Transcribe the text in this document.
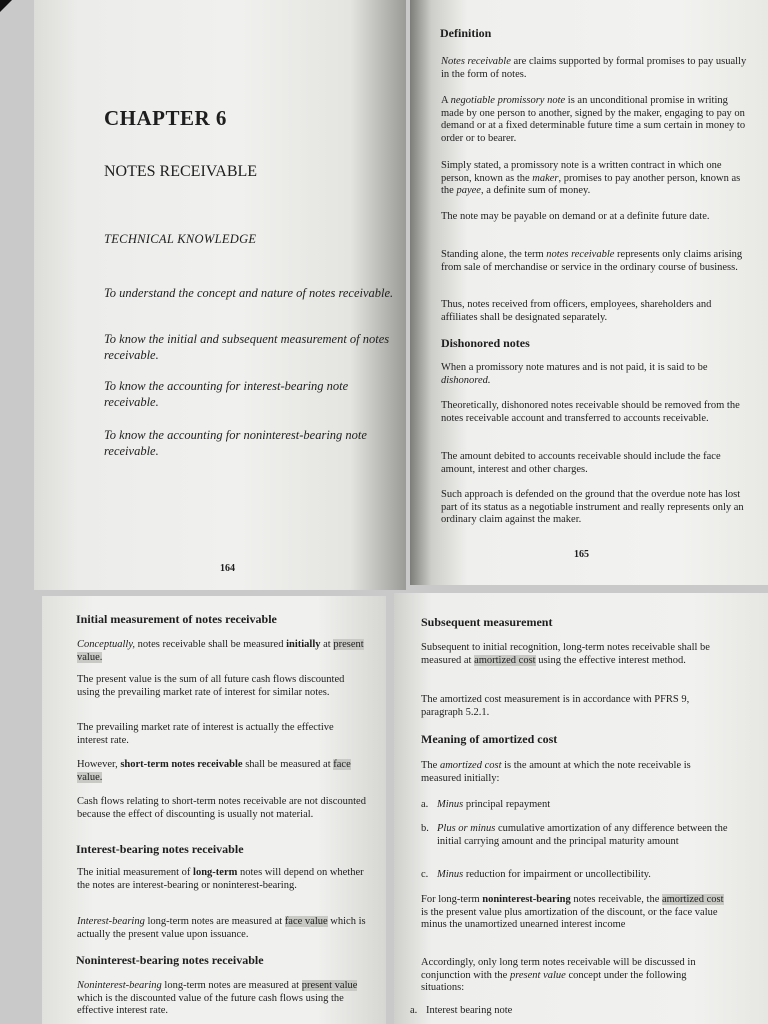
CHAPTER 6

NOTES RECEIVABLE

TECHNICAL KNOWLEDGE

To understand the concept and nature of notes receivable.

To know the initial and subsequent measurement of notes receivable.

To know the accounting for interest-bearing note receivable.

To know the accounting for noninterest-bearing note receivable.

164

Definition

Notes receivable are claims supported by formal promises to pay usually in the form of notes.

A negotiable promissory note is an unconditional promise in writing made by one person to another, signed by the maker, engaging to pay on demand or at a fixed determinable future time a sum certain in money to order or to bearer.

Simply stated, a promissory note is a written contract in which one person, known as the maker, promises to pay another person, known as the payee, a definite sum of money.

The note may be payable on demand or at a definite future date.

Standing alone, the term notes receivable represents only claims arising from sale of merchandise or service in the ordinary course of business.

Thus, notes received from officers, employees, shareholders and affiliates shall be designated separately.

Dishonored notes

When a promissory note matures and is not paid, it is said to be dishonored.

Theoretically, dishonored notes receivable should be removed from the notes receivable account and transferred to accounts receivable.

The amount debited to accounts receivable should include the face amount, interest and other charges.

Such approach is defended on the ground that the overdue note has lost part of its status as a negotiable instrument and really represents only an ordinary claim against the maker.

165

Initial measurement of notes receivable

Conceptually, notes receivable shall be measured initially at present value.

The present value is the sum of all future cash flows discounted using the prevailing market rate of interest for similar notes.

The prevailing market rate of interest is actually the effective interest rate.

However, short-term notes receivable shall be measured at face value.

Cash flows relating to short-term notes receivable are not discounted because the effect of discounting is usually not material.

Interest-bearing notes receivable

The initial measurement of long-term notes will depend on whether the notes are interest-bearing or noninterest-bearing.

Interest-bearing long-term notes are measured at face value which is actually the present value upon issuance.

Noninterest-bearing notes receivable

Noninterest-bearing long-term notes are measured at present value which is the discounted value of the future cash flows using the effective interest rate.

Subsequent measurement

Subsequent to initial recognition, long-term notes receivable shall be measured at amortized cost using the effective interest method.

The amortized cost measurement is in accordance with PFRS 9, paragraph 5.2.1.

Meaning of amortized cost

The amortized cost is the amount at which the note receivable is measured initially:

a. Minus principal repayment

b. Plus or minus cumulative amortization of any difference between the initial carrying amount and the principal maturity amount

c. Minus reduction for impairment or uncollectibility.

For long-term noninterest-bearing notes receivable, the amortized cost is the present value plus amortization of the discount, or the face value minus the unamortized unearned interest income

Accordingly, only long term notes receivable will be discussed in conjunction with the present value concept under the following situations:

a. Interest bearing note
